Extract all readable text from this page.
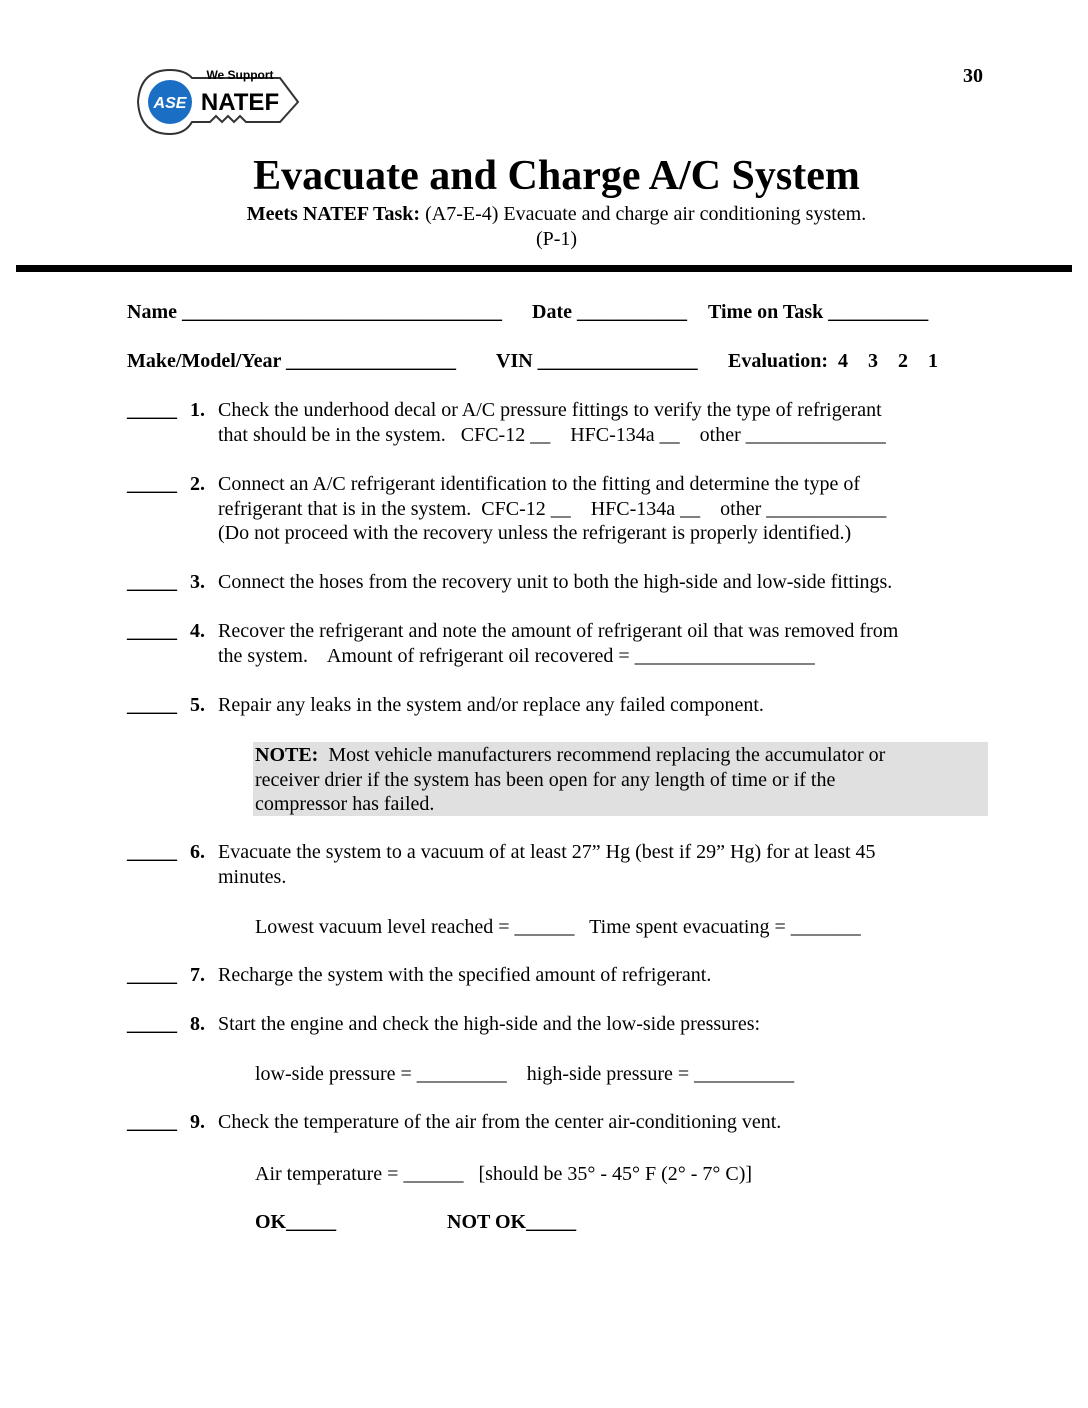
30
ASE
We Support
NATEF
Evacuate and Charge A/C System
Meets NATEF Task: (A7-E-4) Evacuate and charge air conditioning system.
(P-1)
Name ________________________________ Date ___________ Time on Task __________
Make/Model/Year _________________ VIN ________________ Evaluation:  4    3    2    1
_____ 1. Check the underhood decal or A/C pressure fittings to verify the type of refrigerant
that should be in the system.   CFC-12 __    HFC-134a __    other ______________
_____ 2. Connect an A/C refrigerant identification to the fitting and determine the type of
refrigerant that is in the system.  CFC-12 __    HFC-134a __    other ____________
(Do not proceed with the recovery unless the refrigerant is properly identified.)
_____ 3. Connect the hoses from the recovery unit to both the high-side and low-side fittings.
_____ 4. Recover the refrigerant and note the amount of refrigerant oil that was removed from
the system.    Amount of refrigerant oil recovered = __________________
_____ 5. Repair any leaks in the system and/or replace any failed component.
_____ 6. Evacuate the system to a vacuum of at least 27” Hg (best if 29” Hg) for at least 45
minutes.
_____ 7. Recharge the system with the specified amount of refrigerant.
_____ 8. Start the engine and check the high-side and the low-side pressures:
_____ 9. Check the temperature of the air from the center air-conditioning vent.
NOTE:  Most vehicle manufacturers recommend replacing the accumulator or
receiver drier if the system has been open for any length of time or if the
compressor has failed.
Lowest vacuum level reached = ______   Time spent evacuating = _______
low-side pressure = _________    high-side pressure = __________
Air temperature = ______   [should be 35° - 45° F (2° - 7° C)]
OK_____	NOT OK_____
